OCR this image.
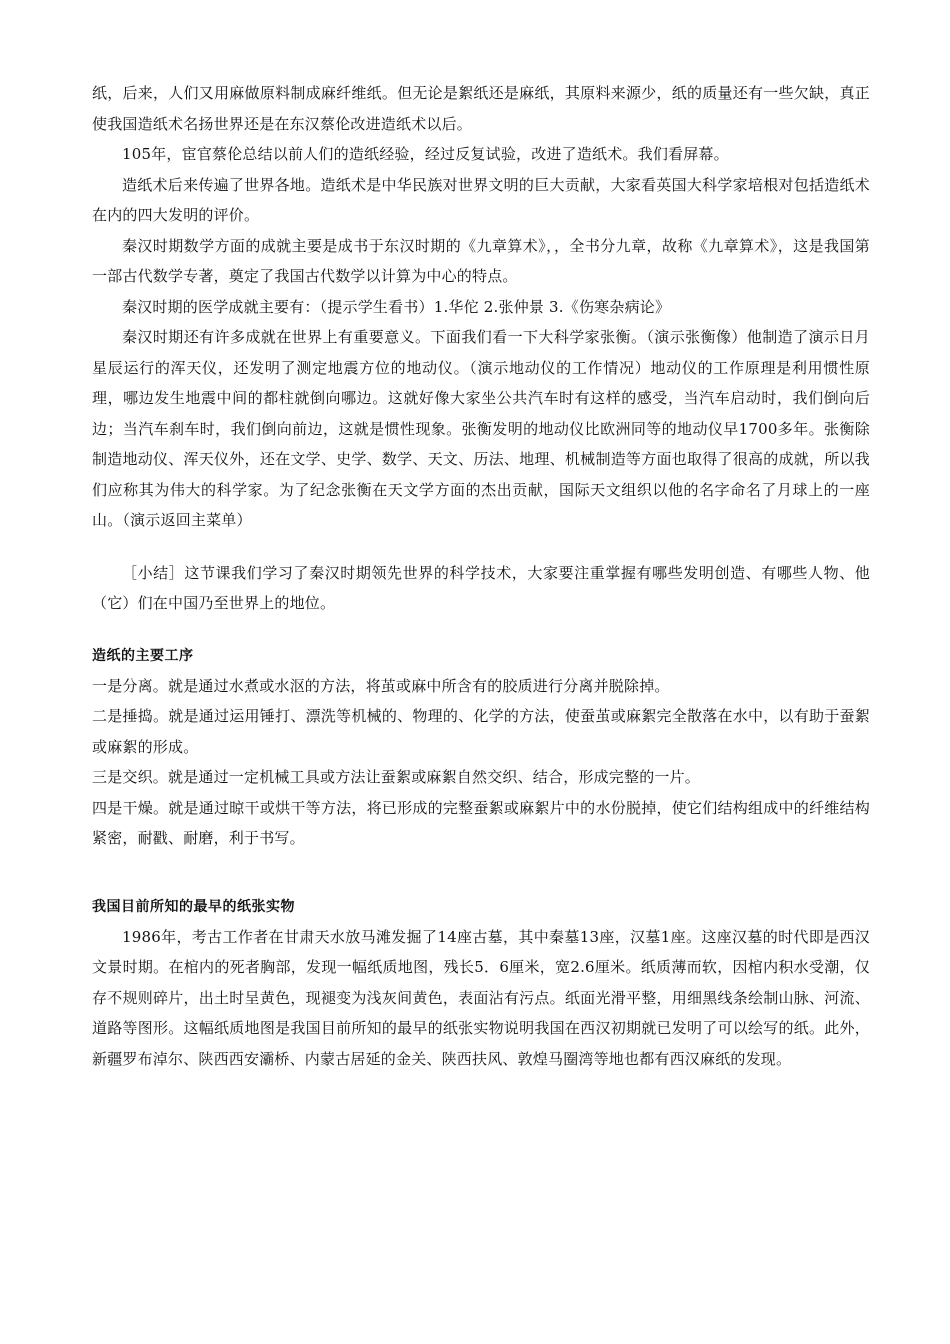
纸，后来，人们又用麻做原料制成麻纤维纸。但无论是絮纸还是麻纸，其原料来源少，纸的质量还有一些欠缺，真正使我国造纸术名扬世界还是在东汉蔡伦改进造纸术以后。

105年，宦官蔡伦总结以前人们的造纸经验，经过反复试验，改进了造纸术。我们看屏幕。

造纸术后来传遍了世界各地。造纸术是中华民族对世界文明的巨大贡献，大家看英国大科学家培根对包括造纸术在内的四大发明的评价。

秦汉时期数学方面的成就主要是成书于东汉时期的《九章算术》，，全书分九章，故称《九章算术》，这是我国第一部古代数学专著，奠定了我国古代数学以计算为中心的特点。

秦汉时期的医学成就主要有：（提示学生看书）1.华佗 2.张仲景 3.《伤寒杂病论》

秦汉时期还有许多成就在世界上有重要意义。下面我们看一下大科学家张衡。（演示张衡像）他制造了演示日月星辰运行的浑天仪，还发明了测定地震方位的地动仪。（演示地动仪的工作情况）地动仪的工作原理是利用惯性原理，哪边发生地震中间的都柱就倒向哪边。这就好像大家坐公共汽车时有这样的感受，当汽车启动时，我们倒向后边；当汽车刹车时，我们倒向前边，这就是惯性现象。张衡发明的地动仪比欧洲同等的地动仪早1700多年。张衡除制造地动仪、浑天仪外，还在文学、史学、数学、天文、历法、地理、机械制造等方面也取得了很高的成就，所以我们应称其为伟大的科学家。为了纪念张衡在天文学方面的杰出贡献，国际天文组织以他的名字命名了月球上的一座山。（演示返回主菜单）

［小结］这节课我们学习了秦汉时期领先世界的科学技术，大家要注重掌握有哪些发明创造、有哪些人物、他（它）们在中国乃至世界上的地位。

造纸的主要工序

一是分离。就是通过水煮或水沤的方法，将茧或麻中所含有的胶质进行分离并脱除掉。

二是捶捣。就是通过运用锤打、漂洗等机械的、物理的、化学的方法，使蚕茧或麻絮完全散落在水中，以有助于蚕絮或麻絮的形成。

三是交织。就是通过一定机械工具或方法让蚕絮或麻絮自然交织、结合，形成完整的一片。

四是干燥。就是通过晾干或烘干等方法，将已形成的完整蚕絮或麻絮片中的水份脱掉，使它们结构组成中的纤维结构紧密，耐戳、耐磨，利于书写。

我国目前所知的最早的纸张实物

1986年，考古工作者在甘肃天水放马滩发掘了14座古墓，其中秦墓13座，汉墓1座。这座汉墓的时代即是西汉文景时期。在棺内的死者胸部，发现一幅纸质地图，残长5．6厘米，宽2.6厘米。纸质薄而软，因棺内积水受潮，仅存不规则碎片，出土时呈黄色，现褪变为浅灰间黄色，表面沾有污点。纸面光滑平整，用细黑线条绘制山脉、河流、道路等图形。这幅纸质地图是我国目前所知的最早的纸张实物说明我国在西汉初期就已发明了可以绘写的纸。此外，新疆罗布淖尔、陕西西安灞桥、内蒙古居延的金关、陕西扶风、敦煌马圈湾等地也都有西汉麻纸的发现。
